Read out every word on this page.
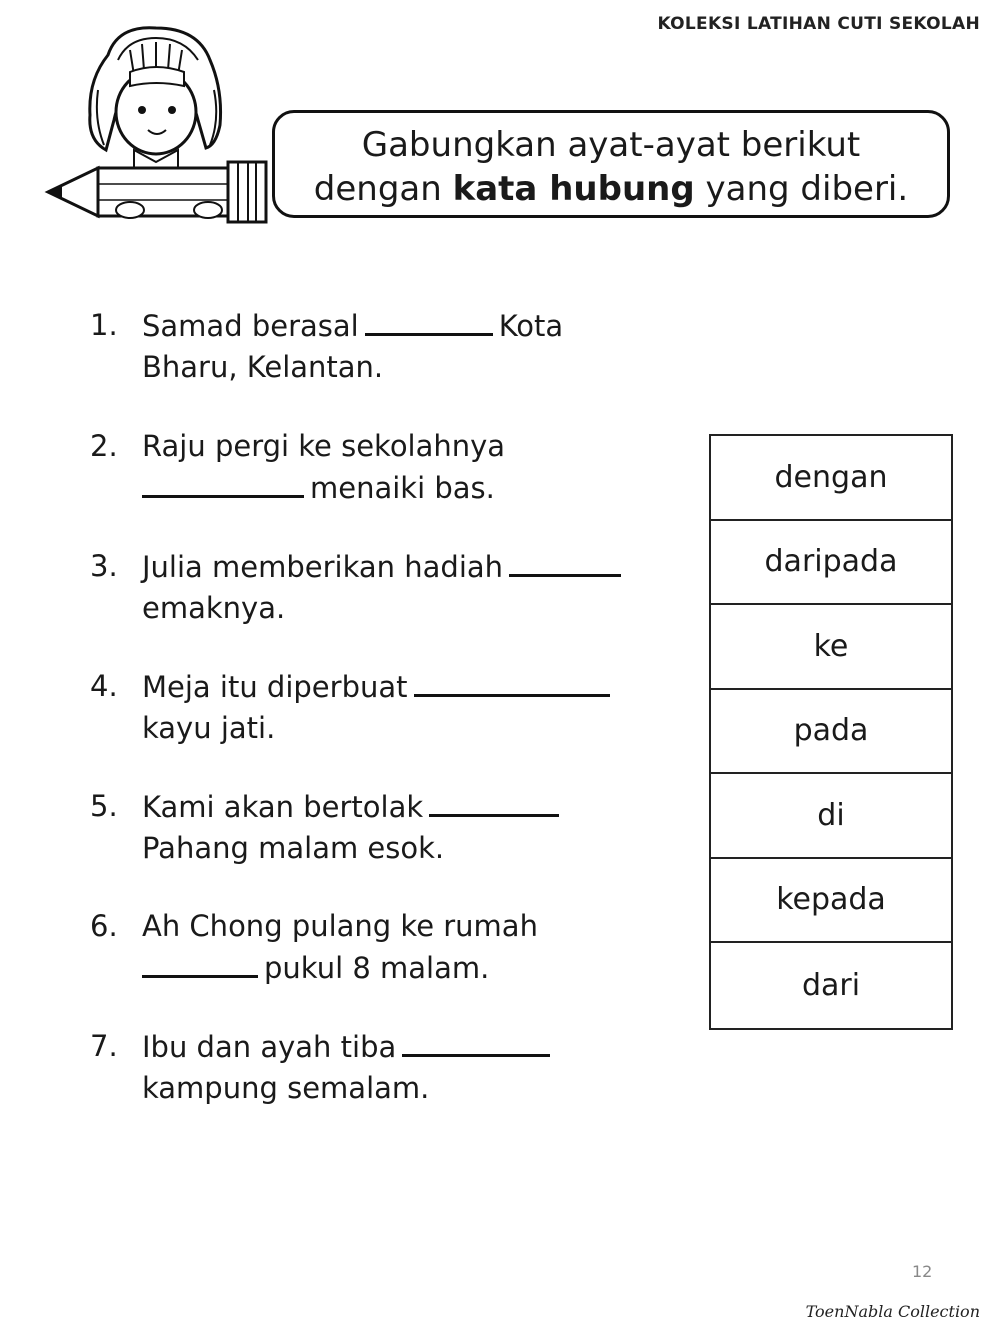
KOLEKSI LATIHAN CUTI SEKOLAH
Gabungkan ayat-ayat berikut
dengan kata hubung yang diberi.
1. Samad berasal	Kota
Bharu, Kelantan.
2. Raju pergi ke sekolahnya
menaiki bas.
3. Julia memberikan hadiah
emaknya.
4. Meja itu diperbuat
kayu jati.
5. Kami akan bertolak
Pahang malam esok.
6. Ah Chong pulang ke rumah
pukul 8 malam.
7. Ibu dan ayah tiba
kampung semalam.
dengan
daripada
ke
pada
di
kepada
dari
12
ToenNabla Collection
